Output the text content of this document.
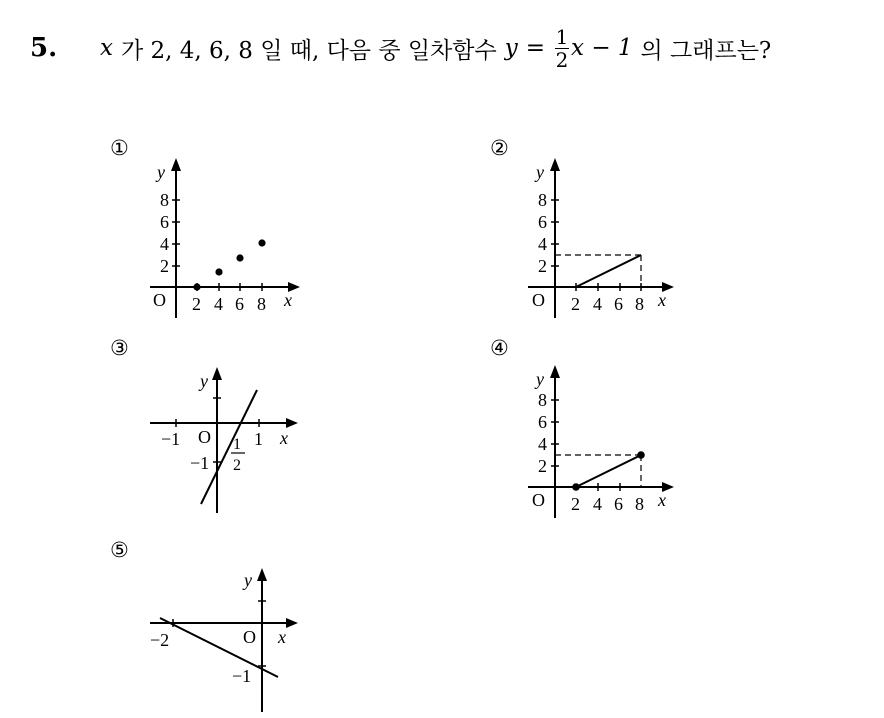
5.	x 가 2, 4, 6, 8 일 때, 다음 중 일차함수 $y = \frac{1}{2}$ x − 1 의 그래프는?
①
y
x
O
8
6
4
2
2 4 6 8
②
y
x
O
8
6
4
2
2 4 6 8
③
y
x
O
−1	1
−1
1
2
④
y
x
O
8
6
4
2
2 4 6 8
⑤
y
x
O
−2
−1
